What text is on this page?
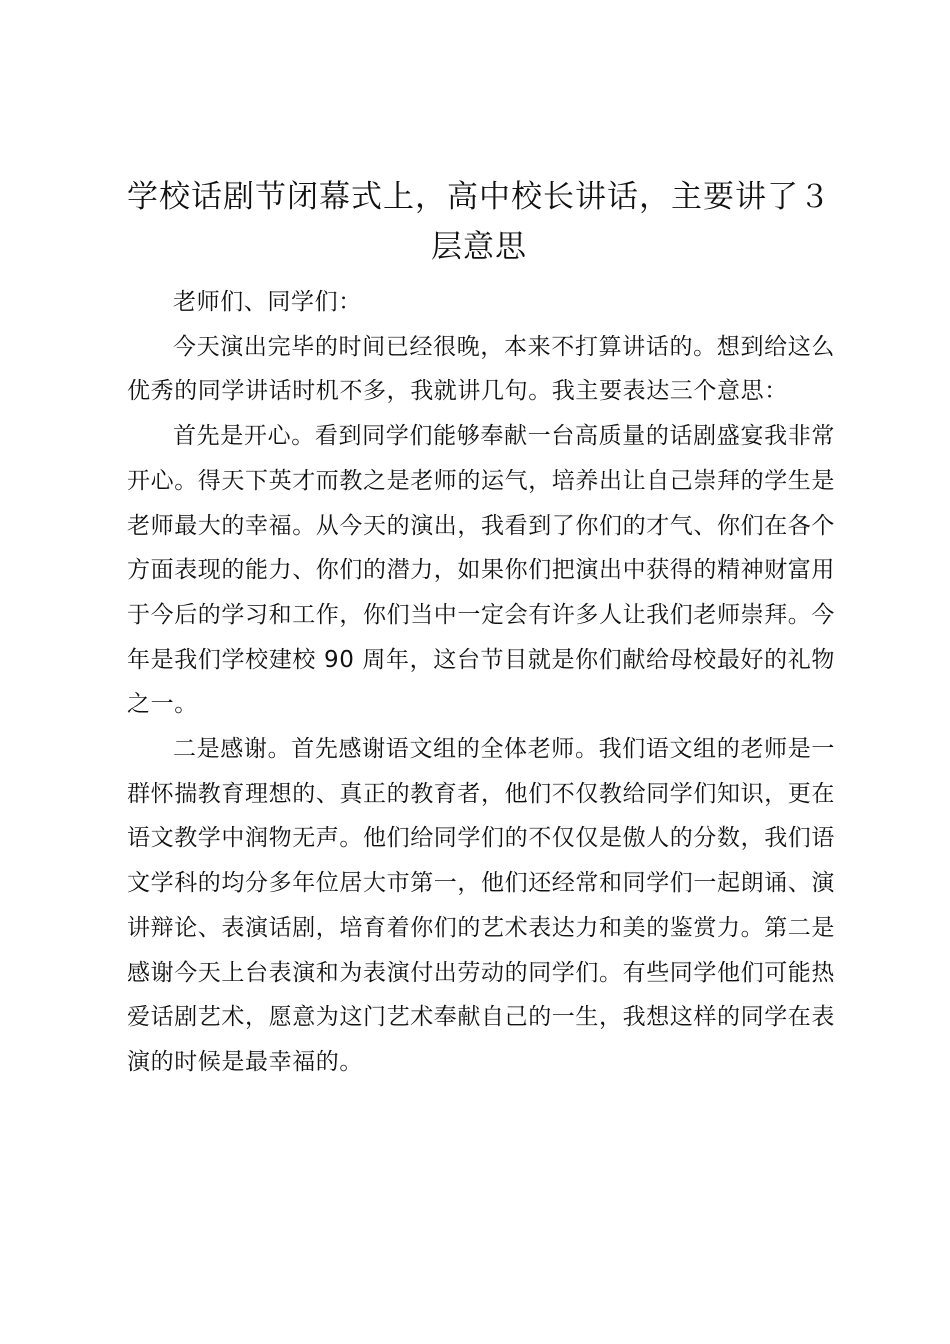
学校话剧节闭幕式上，高中校长讲话，主要讲了３层意思

老师们、同学们：

今天演出完毕的时间已经很晚，本来不打算讲话的。想到给这么优秀的同学讲话时机不多，我就讲几句。我主要表达三个意思：

首先是开心。看到同学们能够奉献一台高质量的话剧盛宴我非常开心。得天下英才而教之是老师的运气，培养出让自己崇拜的学生是老师最大的幸福。从今天的演出，我看到了你们的才气、你们在各个方面表现的能力、你们的潜力，如果你们把演出中获得的精神财富用于今后的学习和工作，你们当中一定会有许多人让我们老师崇拜。今年是我们学校建校 90 周年，这台节目就是你们献给母校最好的礼物之一。

二是感谢。首先感谢语文组的全体老师。我们语文组的老师是一群怀揣教育理想的、真正的教育者，他们不仅教给同学们知识，更在语文教学中润物无声。他们给同学们的不仅仅是傲人的分数，我们语文学科的均分多年位居大市第一，他们还经常和同学们一起朗诵、演讲辩论、表演话剧，培育着你们的艺术表达力和美的鉴赏力。第二是感谢今天上台表演和为表演付出劳动的同学们。有些同学他们可能热爱话剧艺术，愿意为这门艺术奉献自己的一生，我想这样的同学在表演的时候是最幸福的。
